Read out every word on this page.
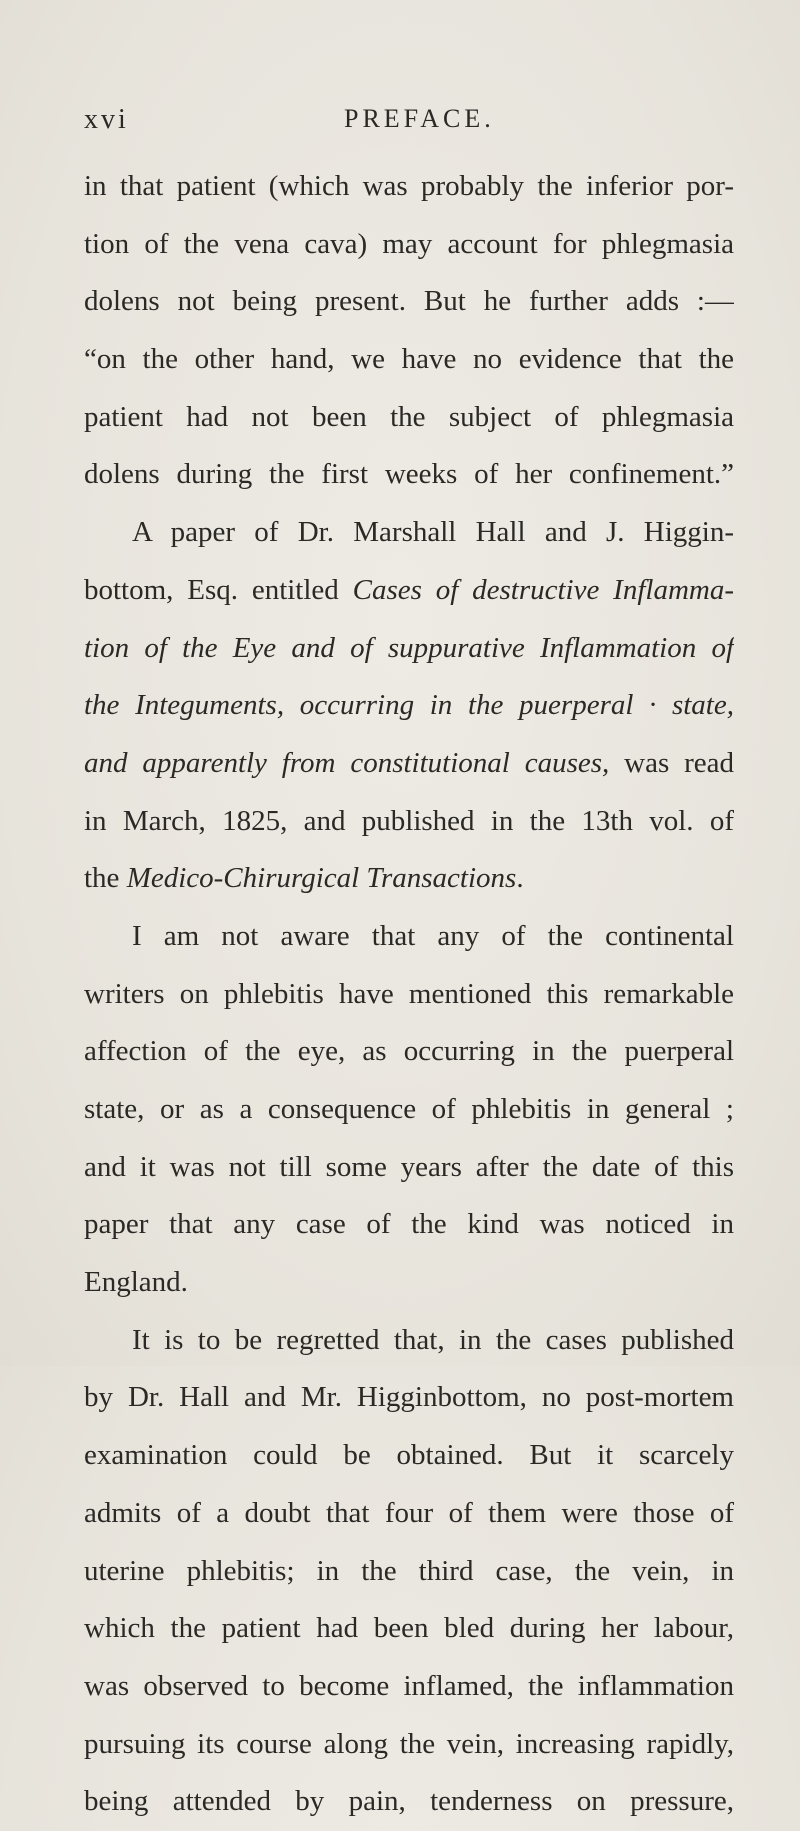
xvi	PREFACE.
in that patient (which was probably the inferior por-
tion of the vena cava) may account for phlegmasia
dolens not being present. But he further adds :—
“on the other hand, we have no evidence that the
patient had not been the subject of phlegmasia
dolens during the first weeks of her confinement.”
A paper of Dr. Marshall Hall and J. Higgin-
bottom, Esq. entitled Cases of destructive Inflamma-
tion of the Eye and of suppurative Inflammation of
the Integuments, occurring in the puerperal · state,
and apparently from constitutional causes, was read
in March, 1825, and published in the 13th vol. of
the Medico-Chirurgical Transactions.
I am not aware that any of the continental
writers on phlebitis have mentioned this remarkable
affection of the eye, as occurring in the puerperal
state, or as a consequence of phlebitis in general ;
and it was not till some years after the date of this
paper that any case of the kind was noticed in
England.
It is to be regretted that, in the cases published
by Dr. Hall and Mr. Higginbottom, no post-mortem
examination could be obtained. But it scarcely
admits of a doubt that four of them were those of
uterine phlebitis; in the third case, the vein, in
which the patient had been bled during her labour,
was observed to become inflamed, the inflammation
pursuing its course along the vein, increasing rapidly,
being attended by pain, tenderness on pressure,
